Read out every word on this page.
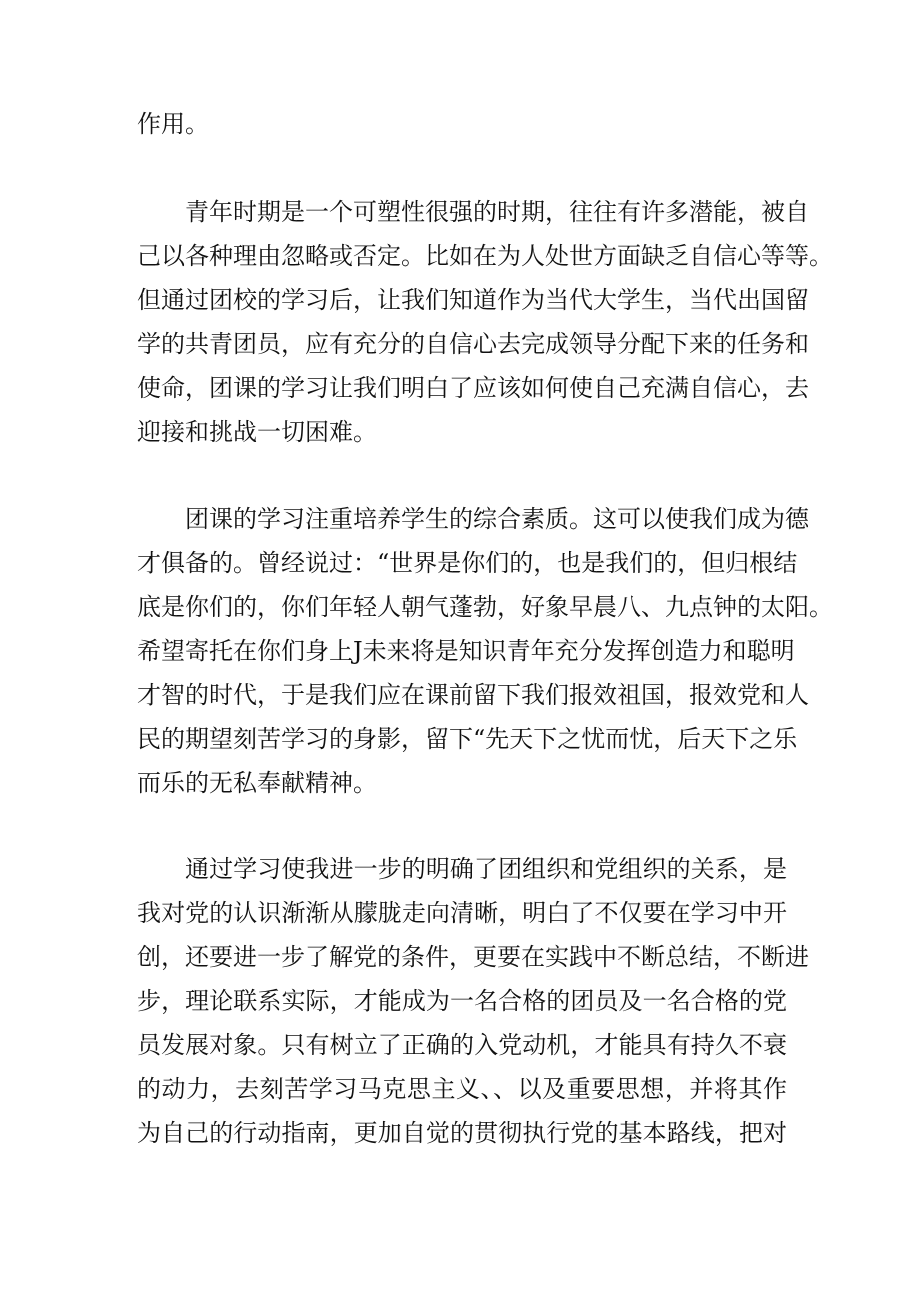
作用。
青年时期是一个可塑性很强的时期，往往有许多潜能，被自
己以各种理由忽略或否定。比如在为人处世方面缺乏自信心等等。
但通过团校的学习后，让我们知道作为当代大学生，当代出国留
学的共青团员，应有充分的自信心去完成领导分配下来的任务和
使命，团课的学习让我们明白了应该如何使自己充满自信心，去
迎接和挑战一切困难。
团课的学习注重培养学生的综合素质。这可以使我们成为德
才俱备的。曾经说过：“世界是你们的，也是我们的，但归根结
底是你们的，你们年轻人朝气蓬勃，好象早晨八、九点钟的太阳。
希望寄托在你们身上J未来将是知识青年充分发挥创造力和聪明
才智的时代，于是我们应在课前留下我们报效祖国，报效党和人
民的期望刻苦学习的身影，留下“先天下之忧而忧，后天下之乐
而乐的无私奉献精神。
通过学习使我进一步的明确了团组织和党组织的关系，是
我对党的认识渐渐从朦胧走向清晰，明白了不仅要在学习中开
创，还要进一步了解党的条件，更要在实践中不断总结，不断进
步，理论联系实际，才能成为一名合格的团员及一名合格的党
员发展对象。只有树立了正确的入党动机，才能具有持久不衰
的动力，去刻苦学习马克思主义、、以及重要思想，并将其作
为自己的行动指南，更加自觉的贯彻执行党的基本路线，把对
